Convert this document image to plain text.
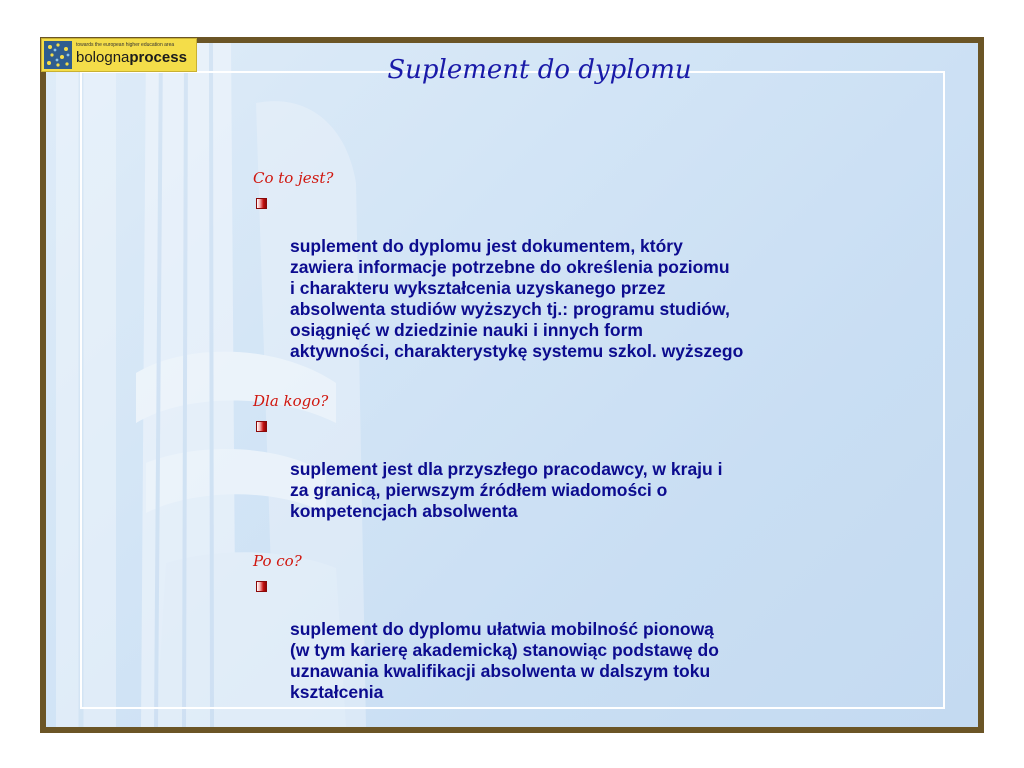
towards the european higher education area
bolognaprocess	Suplement do dyplomu
Co to jest?

suplement do dyplomu jest dokumentem, który
zawiera informacje potrzebne do określenia poziomu
i charakteru wykształcenia uzyskanego przez
absolwenta studiów wyższych tj.: programu studiów,
osiągnięć w dziedzinie nauki i innych form
aktywności, charakterystykę systemu szkol. wyższego

Dla kogo?

suplement jest dla przyszłego pracodawcy, w kraju i
za granicą, pierwszym źródłem wiadomości o
kompetencjach absolwenta

Po co?

suplement do dyplomu ułatwia mobilność pionową
(w tym karierę akademicką) stanowiąc podstawę do
uznawania kwalifikacji absolwenta w dalszym toku
kształcenia
